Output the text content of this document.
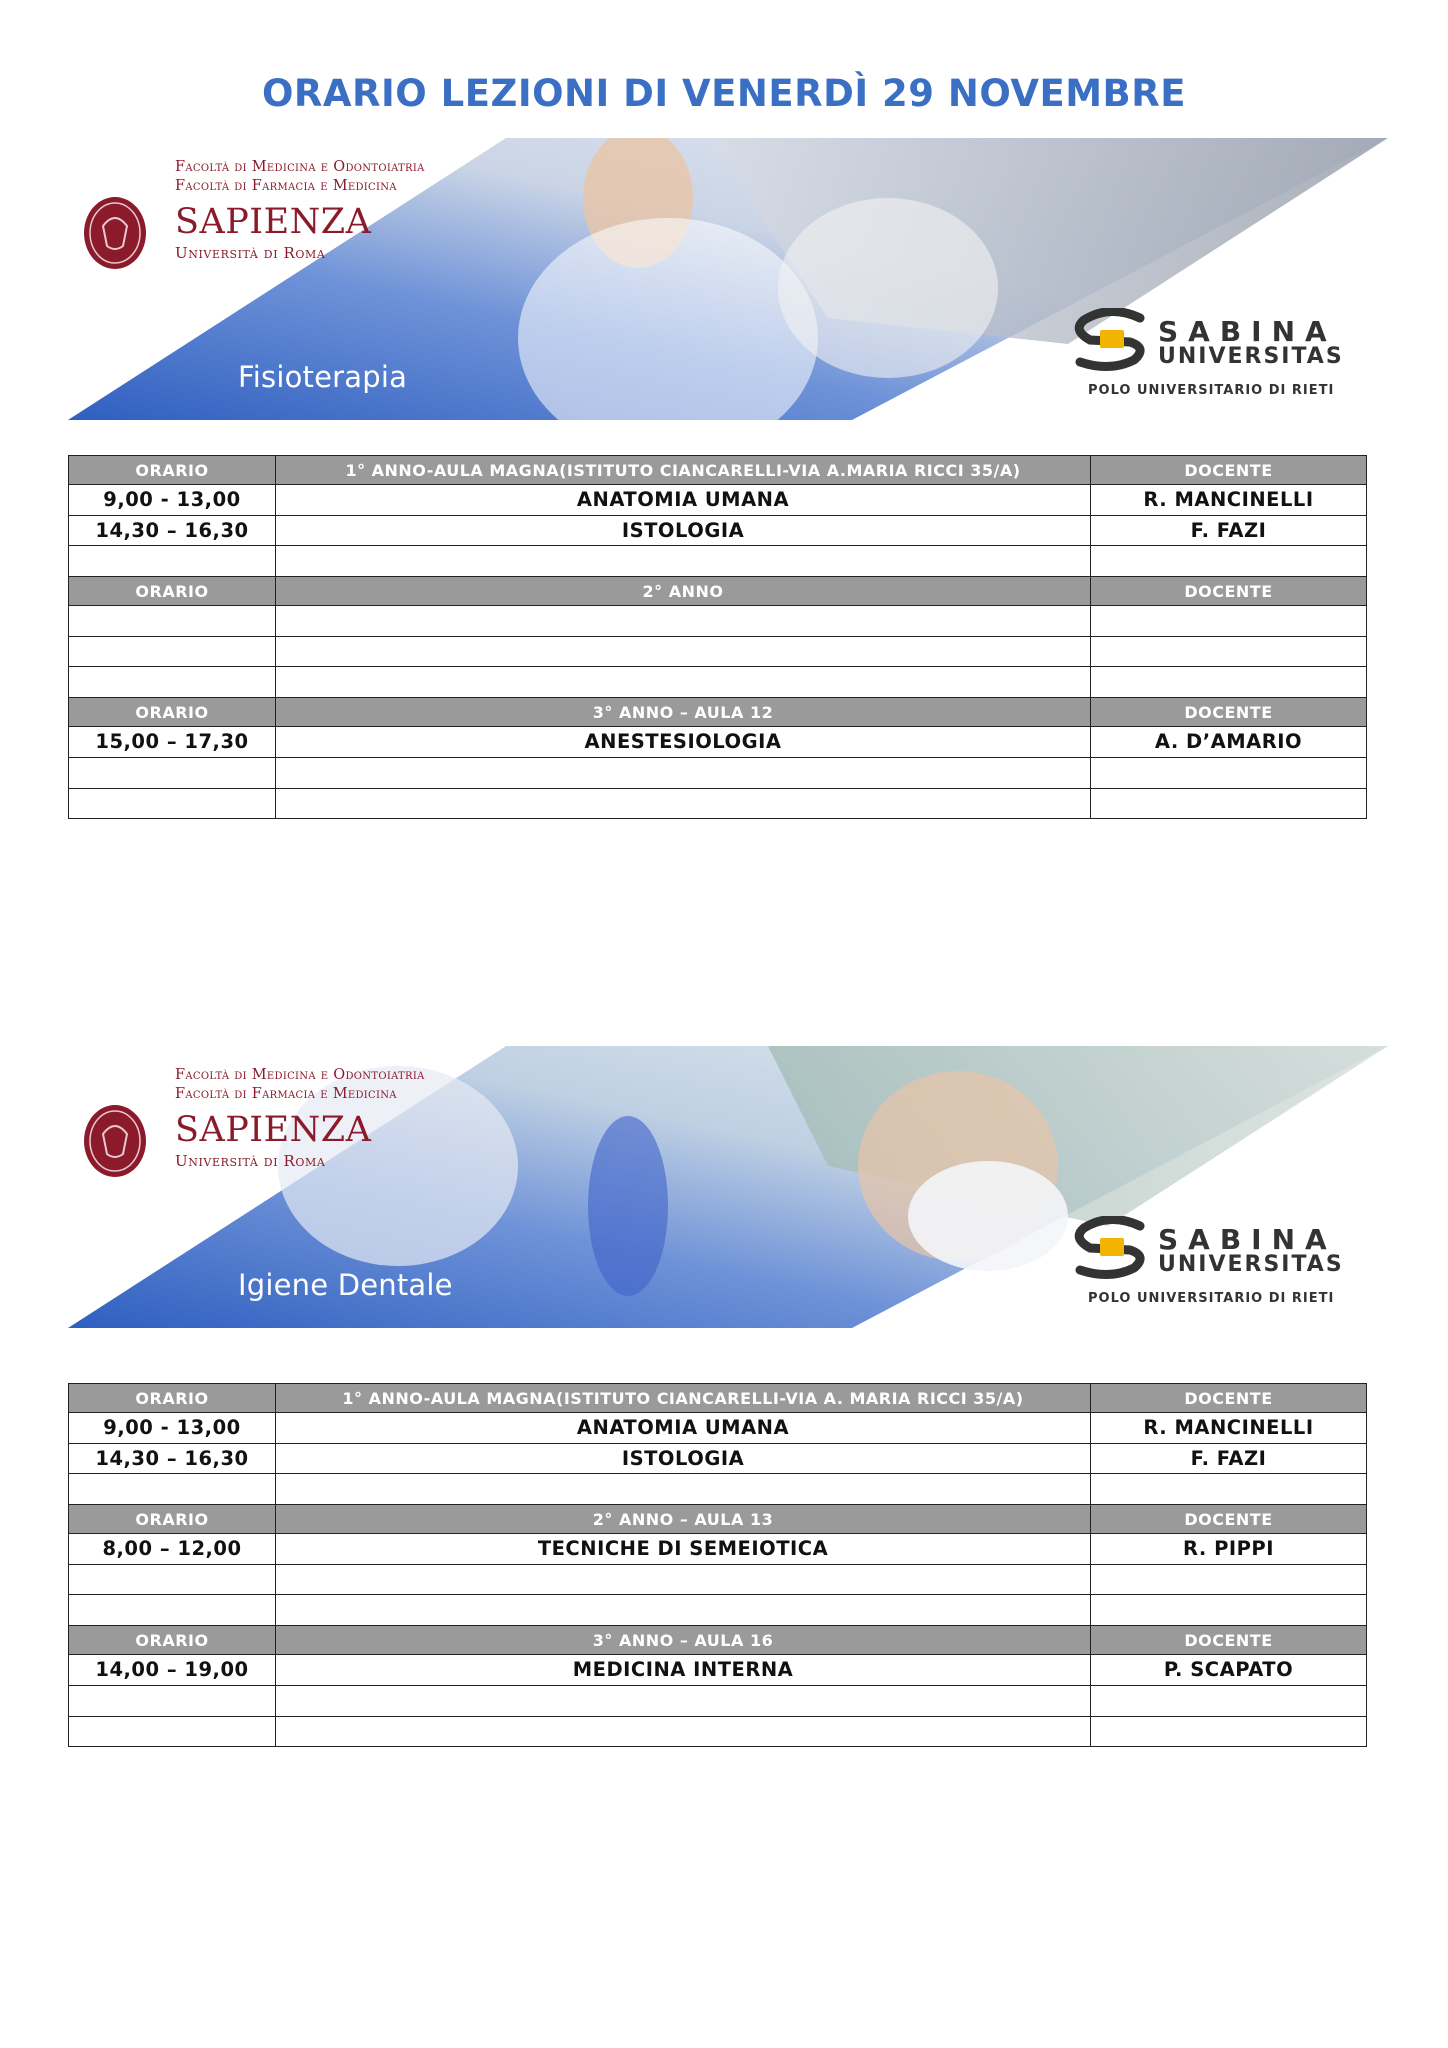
ORARIO LEZIONI DI VENERDÌ 29 NOVEMBRE
Facoltà di Medicina e Odontoiatria
Facoltà di Farmacia e Medicina
SAPIENZA
Università di Roma
Fisioterapia
SABINA
UNIVERSITAS
POLO UNIVERSITARIO DI RIETI
ORARIO	1° ANNO-AULA MAGNA(ISTITUTO CIANCARELLI-VIA A.MARIA RICCI 35/A)	DOCENTE
9,00 - 13,00	ANATOMIA UMANA	R. MANCINELLI
14,30 – 16,30	ISTOLOGIA	F. FAZI

ORARIO	2° ANNO	DOCENTE

ORARIO	3° ANNO – AULA 12	DOCENTE
15,00 – 17,30	ANESTESIOLOGIA	A. D’AMARIO

Facoltà di Medicina e Odontoiatria
Facoltà di Farmacia e Medicina
SAPIENZA
Università di Roma
Igiene Dentale
SABINA
UNIVERSITAS
POLO UNIVERSITARIO DI RIETI
ORARIO	1° ANNO-AULA MAGNA(ISTITUTO CIANCARELLI-VIA A. MARIA RICCI 35/A)	DOCENTE
9,00 - 13,00	ANATOMIA UMANA	R. MANCINELLI
14,30 – 16,30	ISTOLOGIA	F. FAZI

ORARIO	2° ANNO – AULA 13	DOCENTE
8,00 – 12,00	TECNICHE DI SEMEIOTICA	R. PIPPI

ORARIO	3° ANNO – AULA 16	DOCENTE
14,00 – 19,00	MEDICINA INTERNA	P. SCAPATO
